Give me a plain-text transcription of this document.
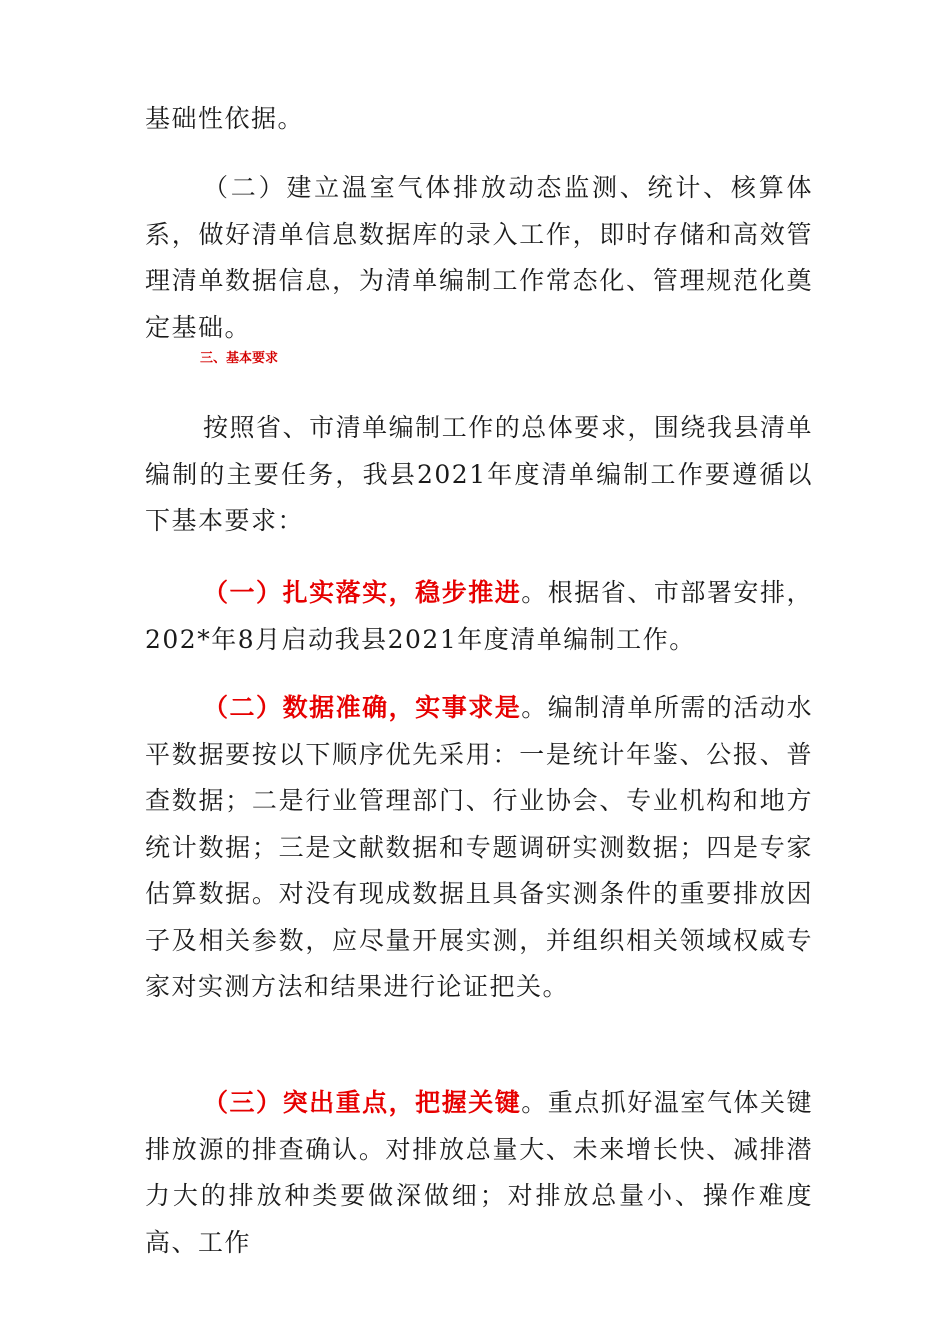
基础性依据。

（二）建立温室气体排放动态监测、统计、核算体系，做好清单信息数据库的录入工作，即时存储和高效管理清单数据信息，为清单编制工作常态化、管理规范化奠定基础。

三、基本要求

按照省、市清单编制工作的总体要求，围绕我县清单编制的主要任务，我县2021年度清单编制工作要遵循以下基本要求：

（一）扎实落实，稳步推进。根据省、市部署安排，202*年8月启动我县2021年度清单编制工作。

（二）数据准确，实事求是。编制清单所需的活动水平数据要按以下顺序优先采用：一是统计年鉴、公报、普查数据；二是行业管理部门、行业协会、专业机构和地方统计数据；三是文献数据和专题调研实测数据；四是专家估算数据。对没有现成数据且具备实测条件的重要排放因子及相关参数，应尽量开展实测，并组织相关领域权威专家对实测方法和结果进行论证把关。

（三）突出重点，把握关键。重点抓好温室气体关键排放源的排查确认。对排放总量大、未来增长快、减排潜力大的排放种类要做深做细；对排放总量小、操作难度高、工作
